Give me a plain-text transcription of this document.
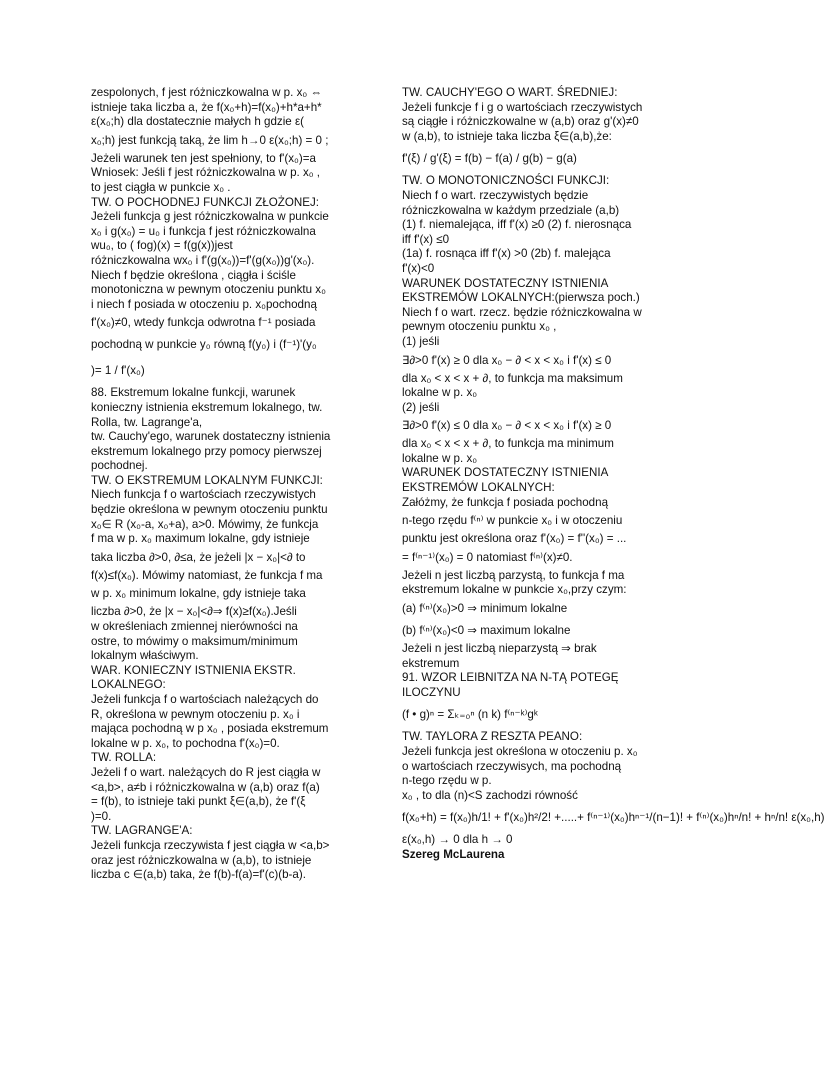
zespolonych, f jest różniczkowalna w p. x₀ ⇔
istnieje taka liczba a, że f(x₀+h)=f(x₀)+h*a+h*
ε(x₀;h) dla dostatecznie małych h gdzie ε(
x₀;h) jest funkcją taką, że lim h→0 ε(x₀;h) = 0 ;
Jeżeli warunek ten jest spełniony, to f'(x₀)=a
Wniosek: Jeśli f jest różniczkowalna w p. x₀ ,
to jest ciągła w punkcie x₀ .
TW. O POCHODNEJ FUNKCJI ZŁOŻONEJ:
Jeżeli funkcja g jest różniczkowalna w punkcie
x₀ i g(x₀) = u₀ i funkcja f jest różniczkowalna
wu₀, to ( fog)(x) = f(g(x))jest
różniczkowalna wx₀ i f'(g(x₀))=f'(g(x₀))g'(x₀).
Niech f będzie określona , ciągła i ściśle
monotoniczna w pewnym otoczeniu punktu x₀
i niech f posiada w otoczeniu p. x₀pochodną
f'(x₀)≠0, wtedy funkcja odwrotna f⁻¹ posiada
pochodną w punkcie y₀ równą f(y₀) i (f⁻¹)'(y₀
)= 1 / f'(x₀)
88. Ekstremum lokalne funkcji, warunek
konieczny istnienia ekstremum lokalnego, tw.
Rolla, tw. Lagrange'a,
tw. Cauchy'ego, warunek dostateczny istnienia
ekstremum lokalnego przy pomocy pierwszej
pochodnej.
TW. O EKSTREMUM LOKALNYM FUNKCJI:
Niech funkcja f o wartościach rzeczywistych
będzie określona w pewnym otoczeniu punktu
x₀∈ R (x₀-a, x₀+a), a>0. Mówimy, że funkcja
f ma w p. x₀ maximum lokalne, gdy istnieje
taka liczba ∂>0, ∂≤a, że jeżeli |x − x₀|<∂ to
f(x)≤f(x₀). Mówimy natomiast, że funkcja f ma
w p. x₀ minimum lokalne, gdy istnieje taka
liczba ∂>0, że |x − x₀|<∂⇒ f(x)≥f(x₀).Jeśli
w określeniach zmiennej nierówności na
ostre, to mówimy o maksimum/minimum
lokalnym właściwym.
WAR. KONIECZNY ISTNIENIA EKSTR.
LOKALNEGO:
Jeżeli funkcja f o wartościach należących do
R, określona w pewnym otoczeniu p. x₀ i
mająca pochodną w p x₀ , posiada ekstremum
lokalne w p. x₀, to pochodna f'(x₀)=0.
TW. ROLLA:
Jeżeli f o wart. należących do R jest ciągła w
<a,b>, a≠b i różniczkowalna w (a,b) oraz f(a)
= f(b), to istnieje taki punkt ξ∈(a,b), że f'(ξ
)=0.
TW. LAGRANGE'A:
Jeżeli funkcja rzeczywista f jest ciągła w <a,b>
oraz jest różniczkowalna w (a,b), to istnieje
liczba c ∈(a,b) taka, że f(b)-f(a)=f'(c)(b-a).
TW. CAUCHY'EGO O WART. ŚREDNIEJ:
Jeżeli funkcje f i g o wartościach rzeczywistych
są ciągłe i różniczkowalne w (a,b) oraz g'(x)≠0
w (a,b), to istnieje taka liczba ξ∈(a,b),że:
f'(ξ) / g'(ξ) = f(b) − f(a) / g(b) − g(a)
TW. O MONOTONICZNOŚCI FUNKCJI:
Niech f o wart. rzeczywistych będzie
różniczkowalna w każdym przedziale (a,b)
(1) f. niemalejąca, iff f'(x) ≥0 (2) f. nierosnąca
iff f'(x) ≤0
(1a) f. rosnąca iff f'(x) >0 (2b) f. malejąca
f'(x)<0
WARUNEK DOSTATECZNY ISTNIENIA
EKSTREMÓW LOKALNYCH:(pierwsza poch.)
Niech f o wart. rzecz. będzie różniczkowalna w
pewnym otoczeniu punktu x₀ ,
(1) jeśli
∃∂>0 f'(x) ≥ 0 dla x₀ − ∂ < x < x₀ i f'(x) ≤ 0
dla x₀ < x < x + ∂, to funkcja ma maksimum
lokalne w p. x₀
(2) jeśli
∃∂>0 f'(x) ≤ 0 dla x₀ − ∂ < x < x₀ i f'(x) ≥ 0
dla x₀ < x < x + ∂, to funkcja ma minimum
lokalne w p. x₀
WARUNEK DOSTATECZNY ISTNIENIA
EKSTREMÓW LOKALNYCH:
Załóżmy, że funkcja f posiada pochodną
n-tego rzędu f⁽ⁿ⁾ w punkcie x₀ i w otoczeniu
punktu jest określona oraz f'(x₀) = f''(x₀) = ...
= f⁽ⁿ⁻¹⁾(x₀) = 0 natomiast f⁽ⁿ⁾(x)≠0.
Jeżeli n jest liczbą parzystą, to funkcja f ma
ekstremum lokalne w punkcie x₀,przy czym:
(a) f⁽ⁿ⁾(x₀)>0 ⇒ minimum lokalne
(b) f⁽ⁿ⁾(x₀)<0 ⇒ maximum lokalne
Jeżeli n jest liczbą nieparzystą ⇒ brak
ekstremum
91. WZOR LEIBNITZA NA N-TĄ POTEGĘ
ILOCZYNU
(f • g)ⁿ = Σₖ₌₀ⁿ (n k) f⁽ⁿ⁻ᵏ⁾gᵏ
TW. TAYLORA Z RESZTA PEANO:
Jeżeli funkcja jest określona w otoczeniu p. x₀
o wartościach rzeczywisych, ma pochodną
n-tego rzędu w p.
x₀ , to dla (n)<S zachodzi równość
f(x₀+h) = f(x₀)h/1! + f'(x₀)h²/2! +.....+ f⁽ⁿ⁻¹⁾(x₀)hⁿ⁻¹/(n−1)! + f⁽ⁿ⁾(x₀)hⁿ/n! + hⁿ/n! ε(x₀,h)
ε(x₀,h) → 0 dla h → 0
Szereg McLaurena
